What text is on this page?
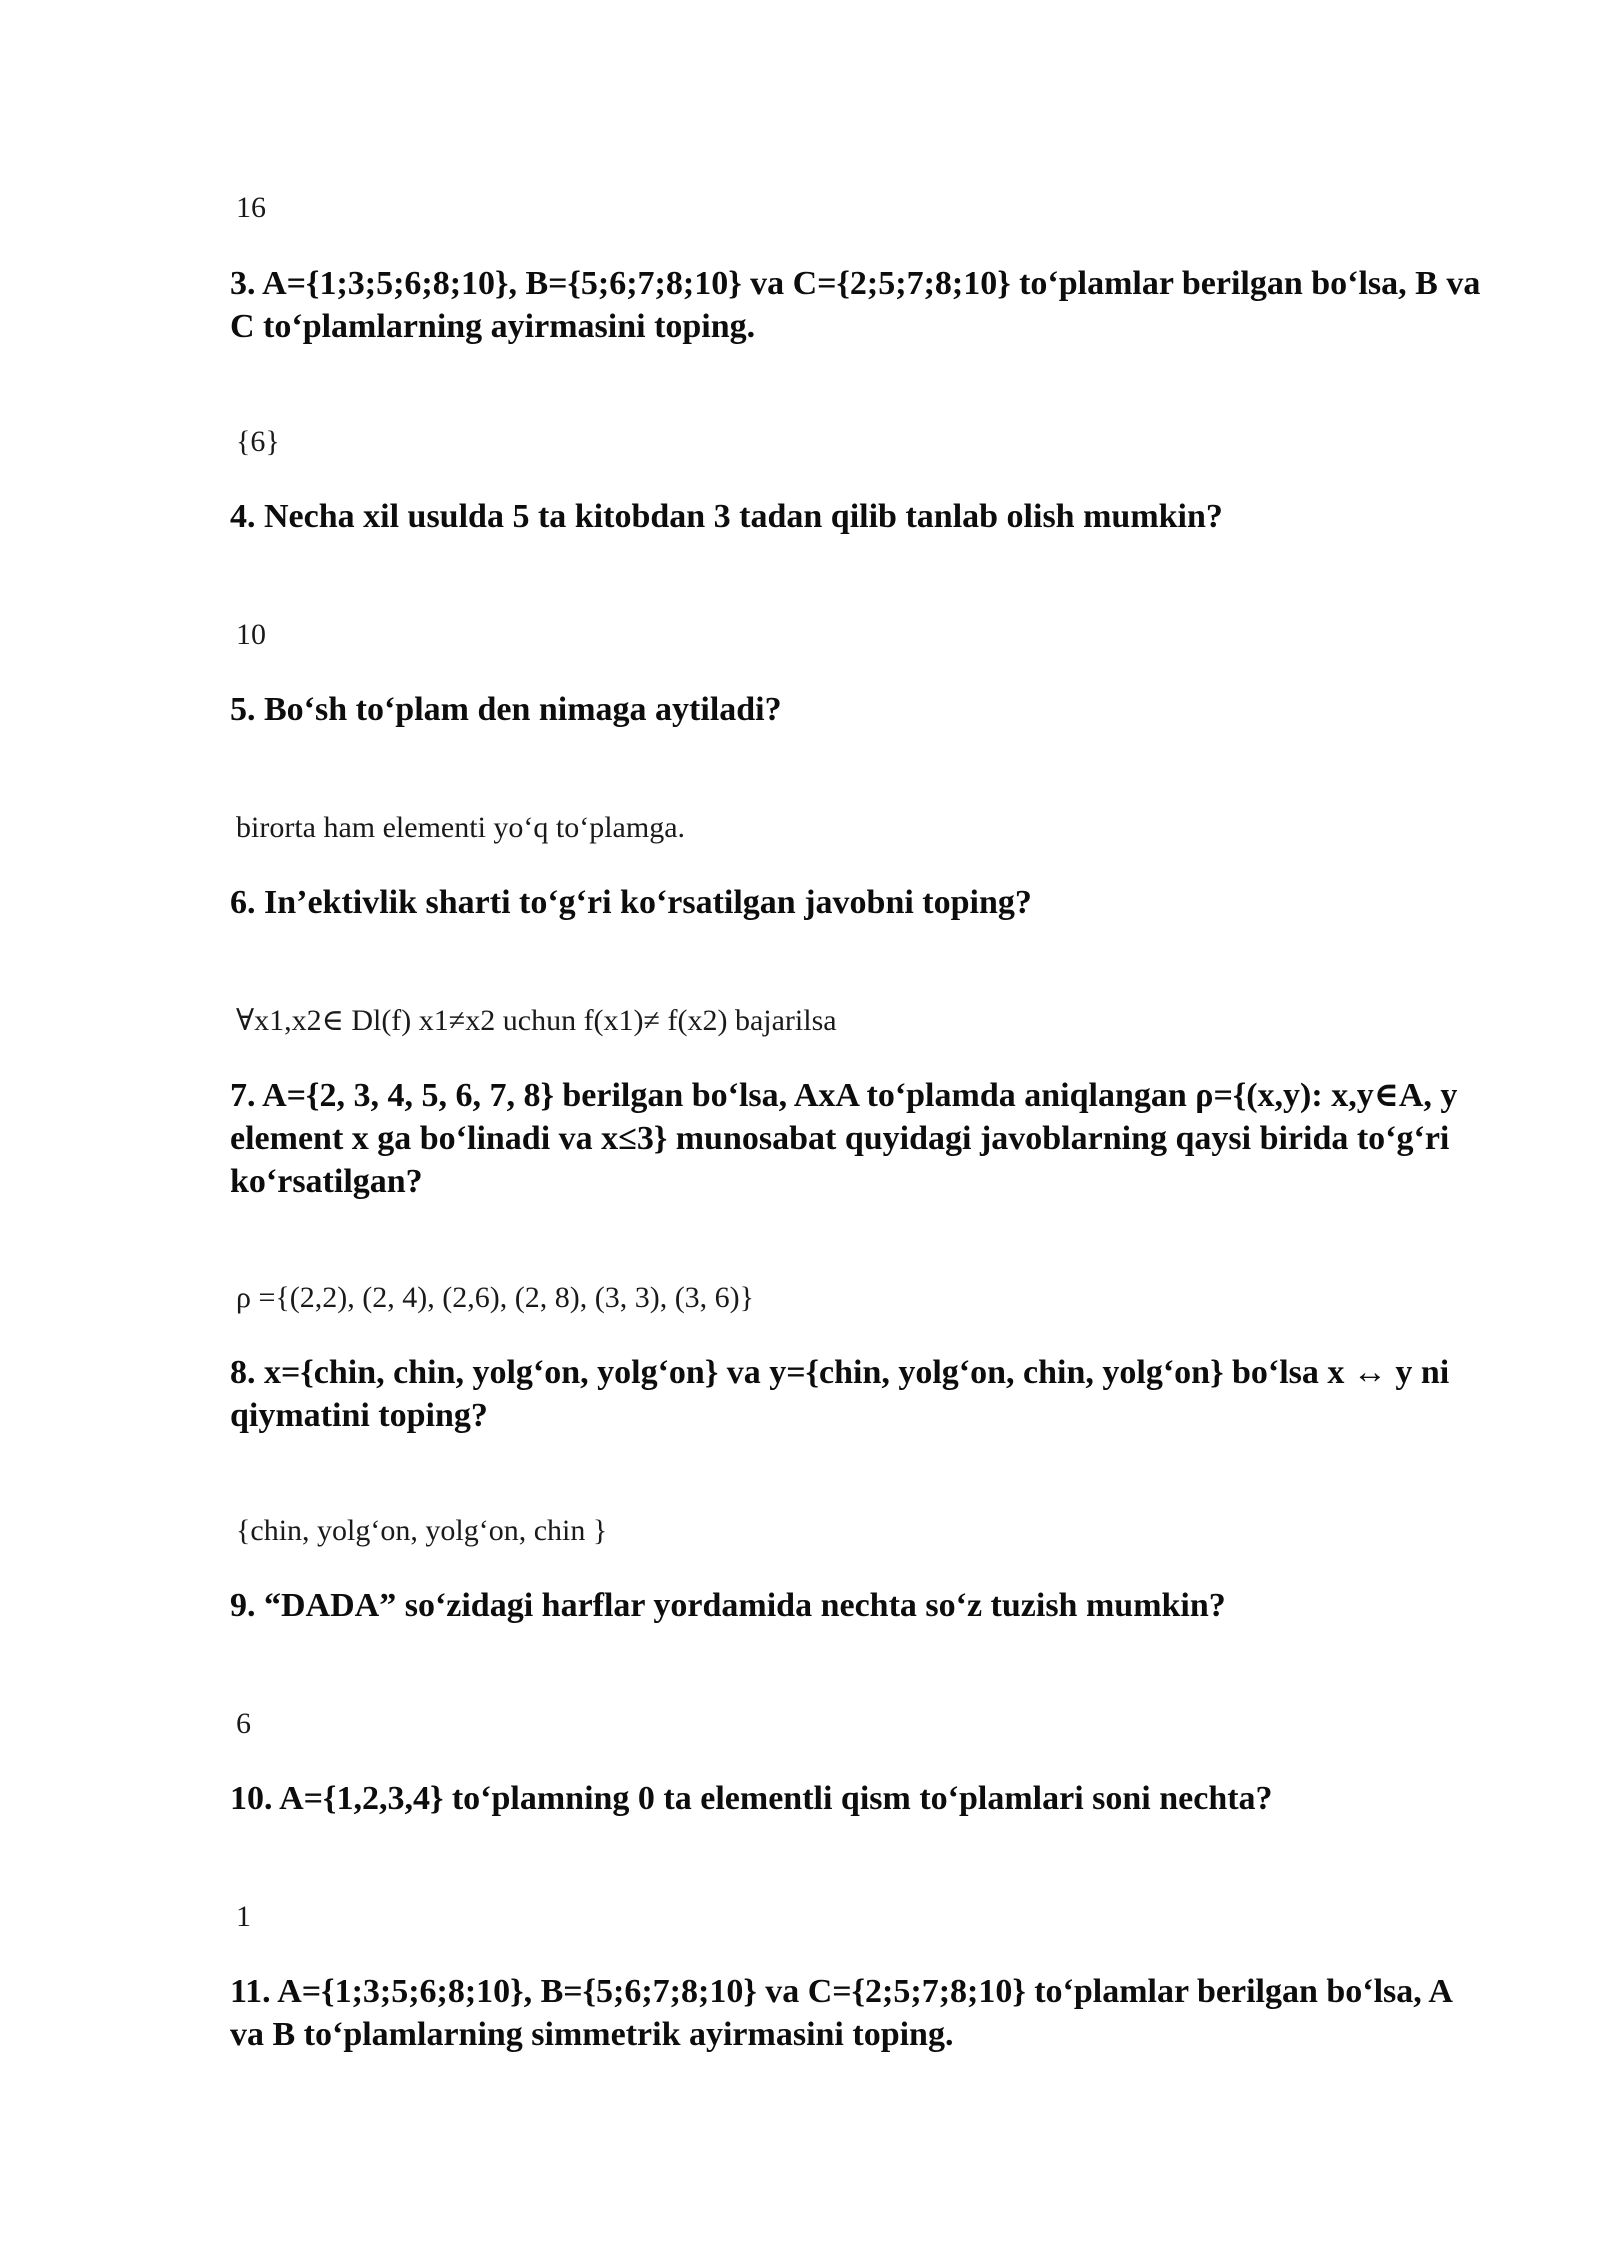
16
3. A={1;3;5;6;8;10}, B={5;6;7;8;10} va C={2;5;7;8;10} to‘plamlar berilgan bo‘lsa, B va C to‘plamlarning ayirmasini toping.
{6}
4. Necha xil usulda 5 ta kitobdan 3 tadan qilib tanlab olish mumkin?
10
5. Bo‘sh to‘plam den nimaga aytiladi?
birorta ham elementi yo‘q to‘plamga.
6. In’ektivlik sharti to‘g‘ri ko‘rsatilgan javobni toping?
∀x1,x2∈ Dl(f) x1≠x2 uchun f(x1)≠ f(x2) bajarilsa
7. A={2, 3, 4, 5, 6, 7, 8} berilgan bo‘lsa, AxA to‘plamda aniqlangan ρ={(x,y): x,y∈A, y element x ga bo‘linadi va x≤3} munosabat quyidagi javoblarning qaysi birida to‘g‘ri ko‘rsatilgan?
ρ ={(2,2), (2, 4), (2,6), (2, 8), (3, 3), (3, 6)}
8. x={chin, chin, yolg‘on, yolg‘on} va y={chin, yolg‘on, chin, yolg‘on} bo‘lsa x ↔ y ni qiymatini toping?
{chin, yolg‘on, yolg‘on, chin }
9. “DADA” so‘zidagi harflar yordamida nechta so‘z tuzish mumkin?
6
10. A={1,2,3,4} to‘plamning 0 ta elementli qism to‘plamlari soni nechta?
1
11. A={1;3;5;6;8;10}, B={5;6;7;8;10} va C={2;5;7;8;10} to‘plamlar berilgan bo‘lsa, A va B to‘plamlarning simmetrik ayirmasini toping.
